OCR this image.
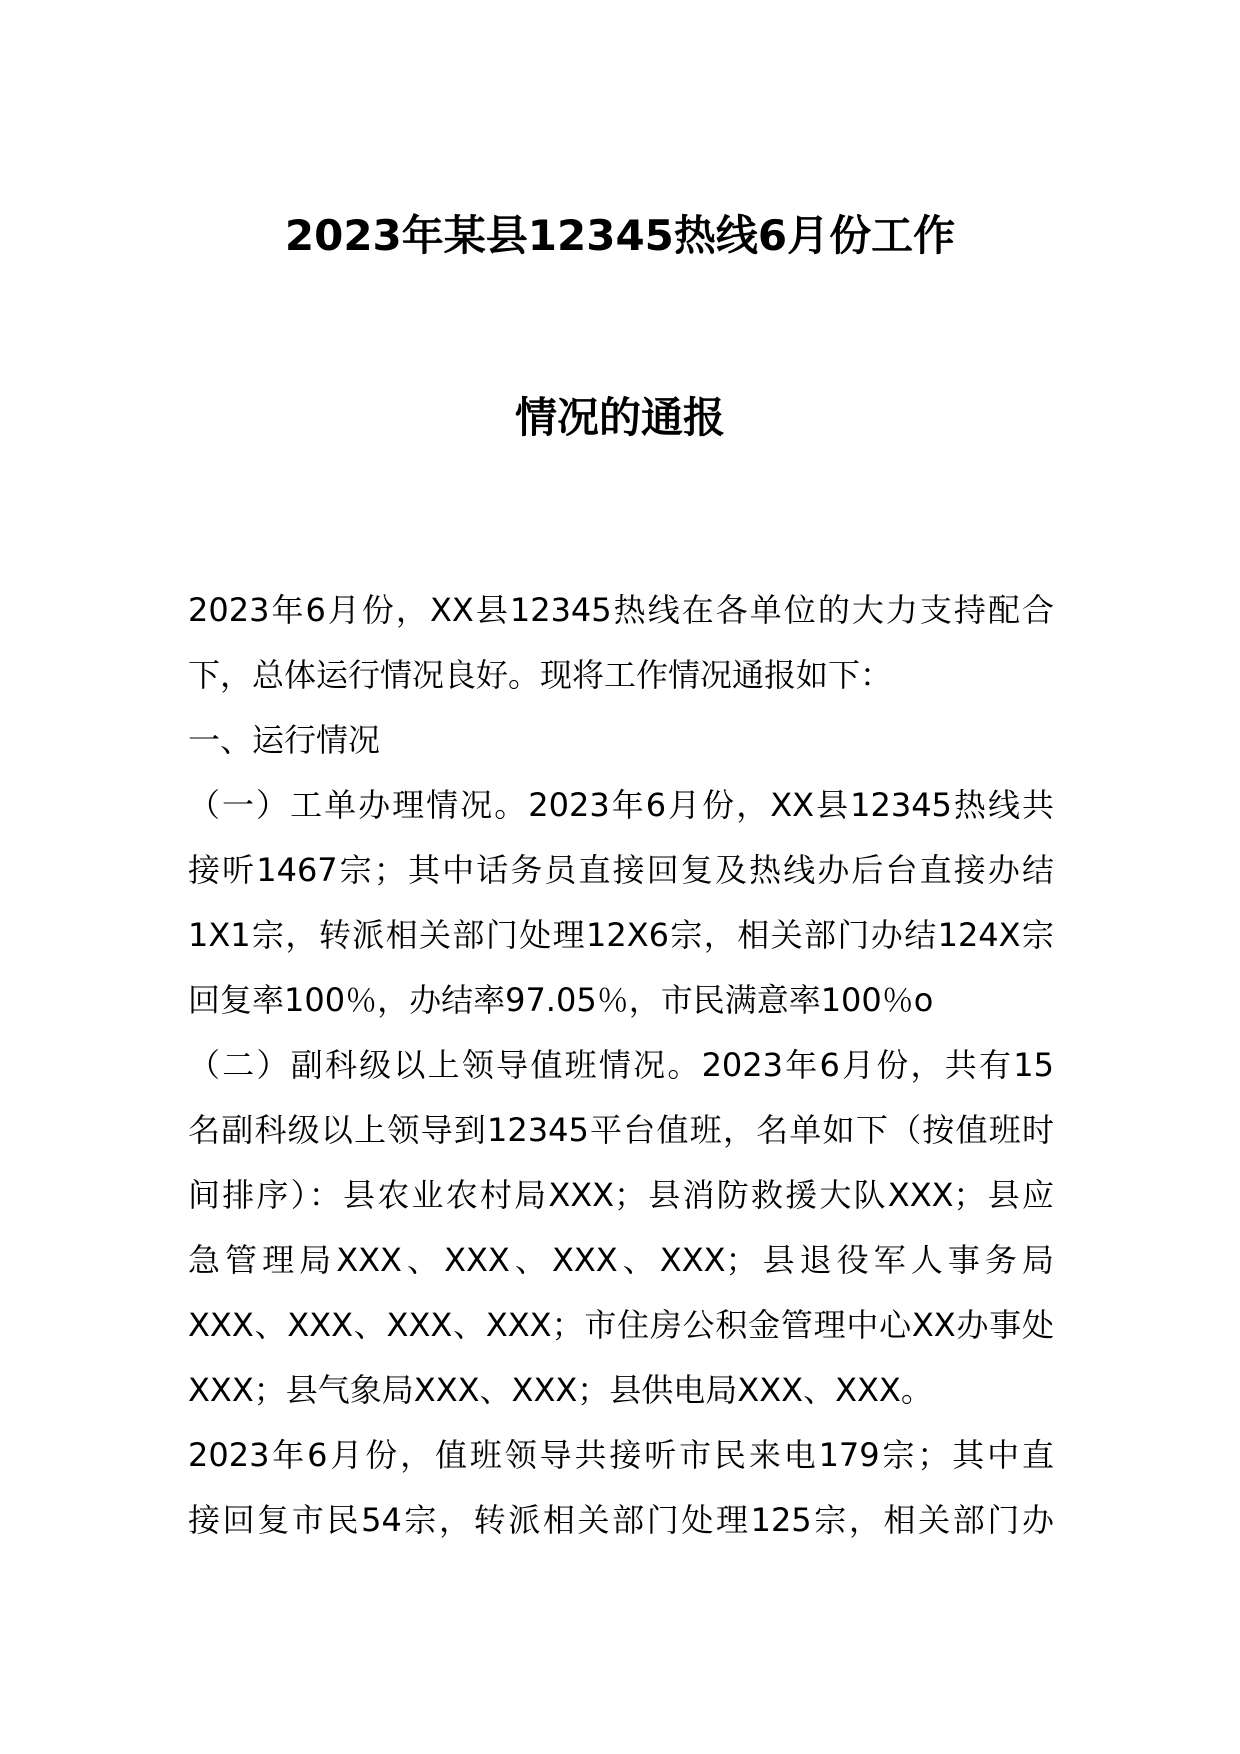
2023年某县12345热线6月份工作
情况的通报
2023年6月份，XX县12345热线在各单位的大力支持配合
下，总体运行情况良好。现将工作情况通报如下：
一、运行情况
（一）工单办理情况。2023年6月份，XX县12345热线共
接听1467宗；其中话务员直接回复及热线办后台直接办结
1X1宗，转派相关部门处理12X6宗，相关部门办结124X宗
回复率100％，办结率97.05％，市民满意率100％o
（二）副科级以上领导值班情况。2023年6月份，共有15
名副科级以上领导到12345平台值班，名单如下（按值班时
间排序）：县农业农村局XXX；县消防救援大队XXX；县应
急管理局XXX、XXX、XXX、XXX；县退役军人事务局
XXX、XXX、XXX、XXX；市住房公积金管理中心XX办事处
XXX；县气象局XXX、XXX；县供电局XXX、XXX。
2023年6月份，值班领导共接听市民来电179宗；其中直
接回复市民54宗，转派相关部门处理125宗，相关部门办
